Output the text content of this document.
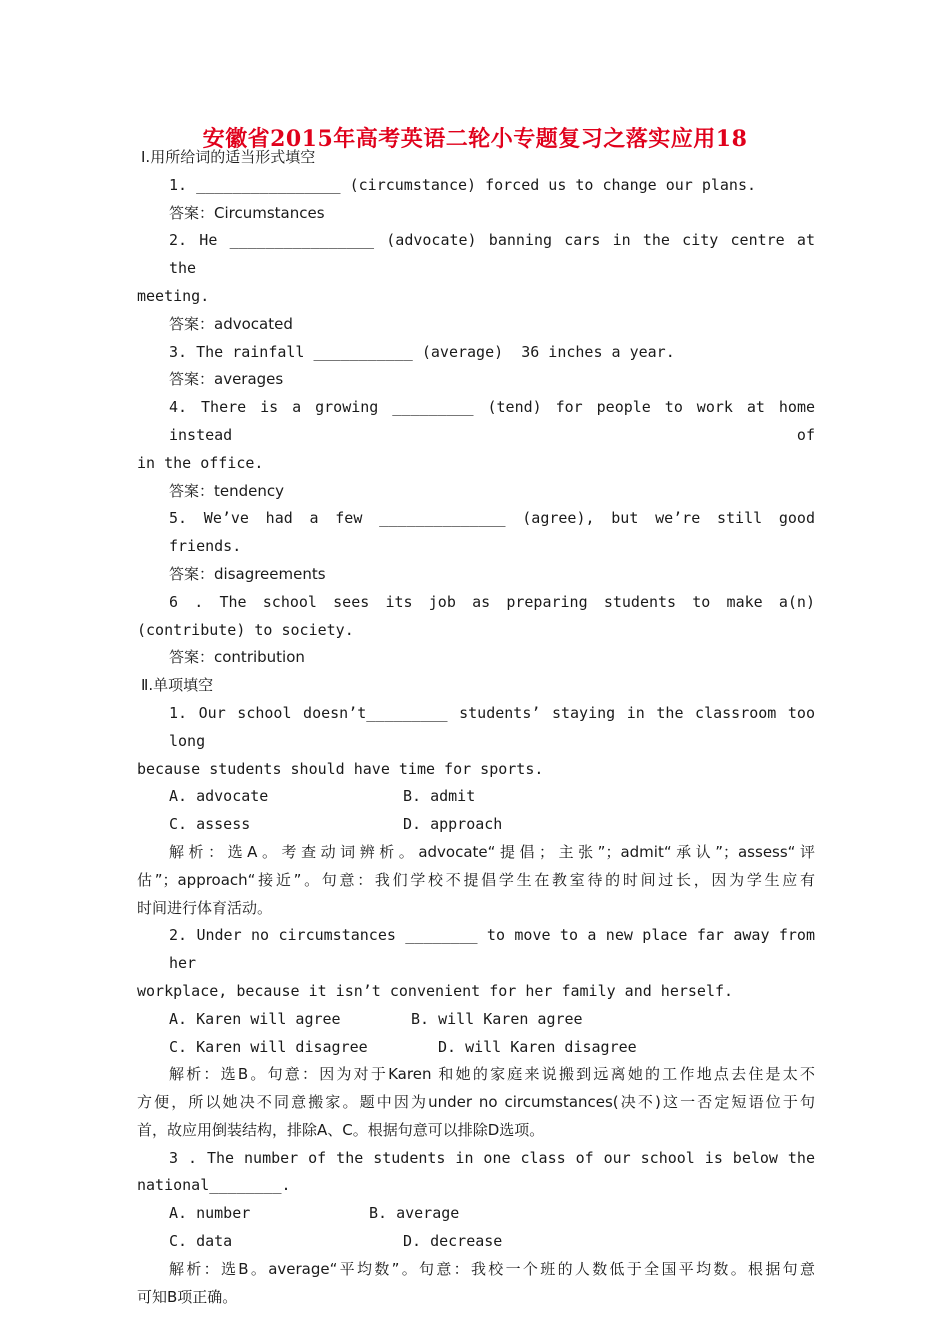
安徽省2015年高考英语二轮小专题复习之落实应用18
Ⅰ.用所给词的适当形式填空
1. ________________ (circumstance) forced us to change our plans.
答案：Circumstances
2. He ________________ (advocate) banning cars in the city centre at the
meeting.
答案：advocated
3. The rainfall ___________ (average)  36 inches a year.
答案：averages
4. There is a growing _________ (tend) for people to work at home instead of
in the office.
答案：tendency
5. We’ve had a few ______________ (agree), but we’re still good friends.
答案：disagreements
6 . The school sees its job as preparing students to make a(n)
(contribute) to society.
答案：contribution
Ⅱ.单项填空
1. Our school doesn’t_________ students’ staying in the classroom too long
because students should have time for sports.
A. advocate	B. admit
C. assess	D. approach
解析：选A。考查动词辨析。advocate“提倡；主张”；admit“承认”；assess“评
估”；approach“接近”。句意：我们学校不提倡学生在教室待的时间过长，因为学生应有
时间进行体育活动。
2. Under no circumstances ________ to move to a new place far away from her
workplace, because it isn’t convenient for her family and herself.
A. Karen will agree	B. will Karen agree
C. Karen will disagree	D. will Karen disagree
解析：选B。句意：因为对于Karen 和她的家庭来说搬到远离她的工作地点去住是太不
方便，所以她决不同意搬家。题中因为under no circumstances(决不)这一否定短语位于句
首，故应用倒装结构，排除A、C。根据句意可以排除D选项。
3 . The number of the students in one class of our school is below the
national________.
A. number	B. average
C. data	D. decrease
解析：选B。average“平均数”。句意：我校一个班的人数低于全国平均数。根据句意
可知B项正确。
